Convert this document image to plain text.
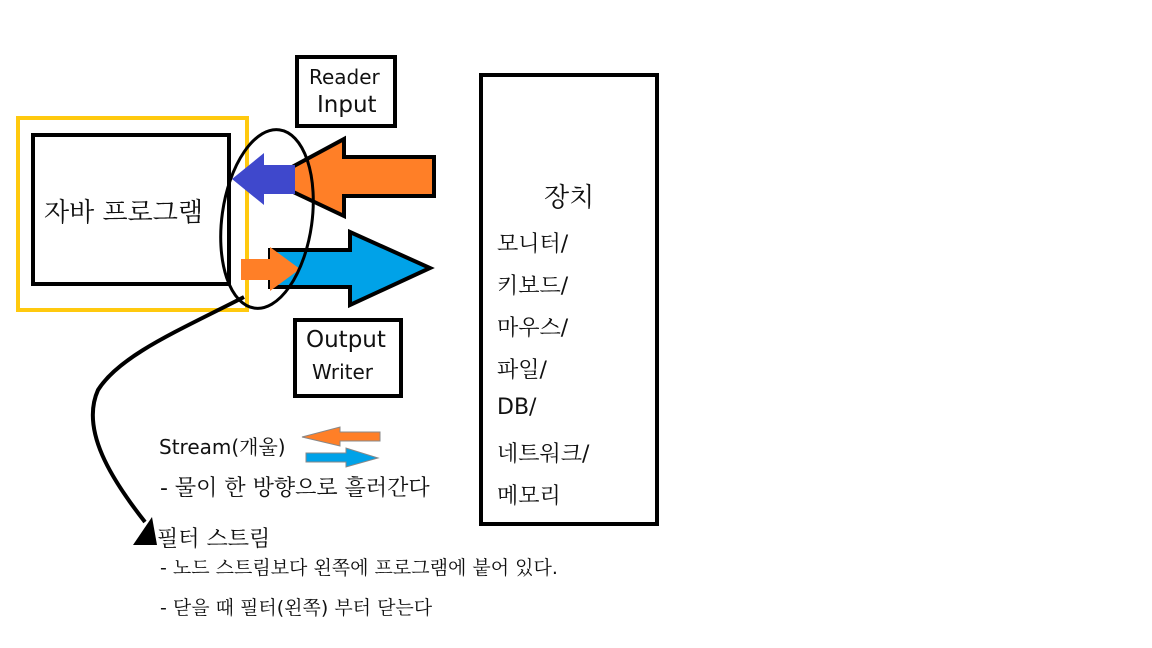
자바 프로그램
Reader
Input
Output
Writer
장치
모니터/
키보드/
마우스/
파일/
DB/
네트워크/
메모리
Stream(개울)
- 물이 한 방향으로 흘러간다
필터 스트림
- 노드 스트림보다 왼쪽에 프로그램에 붙어 있다.
- 닫을 때 필터(왼쪽) 부터 닫는다
